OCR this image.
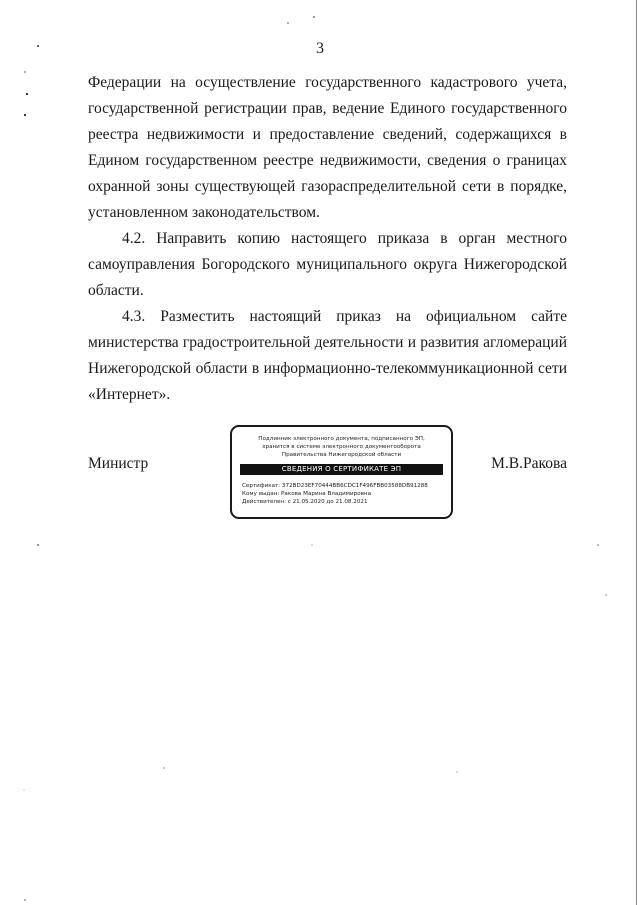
3

Федерации на осуществление государственного кадастрового учета, государственной регистрации прав, ведение Единого государственного реестра недвижимости и предоставление сведений, содержащихся в Едином государственном реестре недвижимости, сведения о границах охранной зоны существующей газораспределительной сети в порядке, установленном законодательством.

4.2. Направить копию настоящего приказа в орган местного самоуправления Богородского муниципального округа Нижегородской области.

4.3. Разместить настоящий приказ на официальном сайте министерства градостроительной деятельности и развития агломераций Нижегородской области в информационно-телекоммуникационной сети «Интернет».

Министр
Подлинник электронного документа, подписанного ЭП,
хранится в системе электронного документооборота
Правительства Нижегородской области
СВЕДЕНИЯ О СЕРТИФИКАТЕ ЭП
Сертификат: 372BD23EF70444BB6CDC1F496FBB03588DB91288
Кому выдан: Ракова Марина Владимировна
Действителен: с 21.05.2020 до 21.08.2021
М.В.Ракова
